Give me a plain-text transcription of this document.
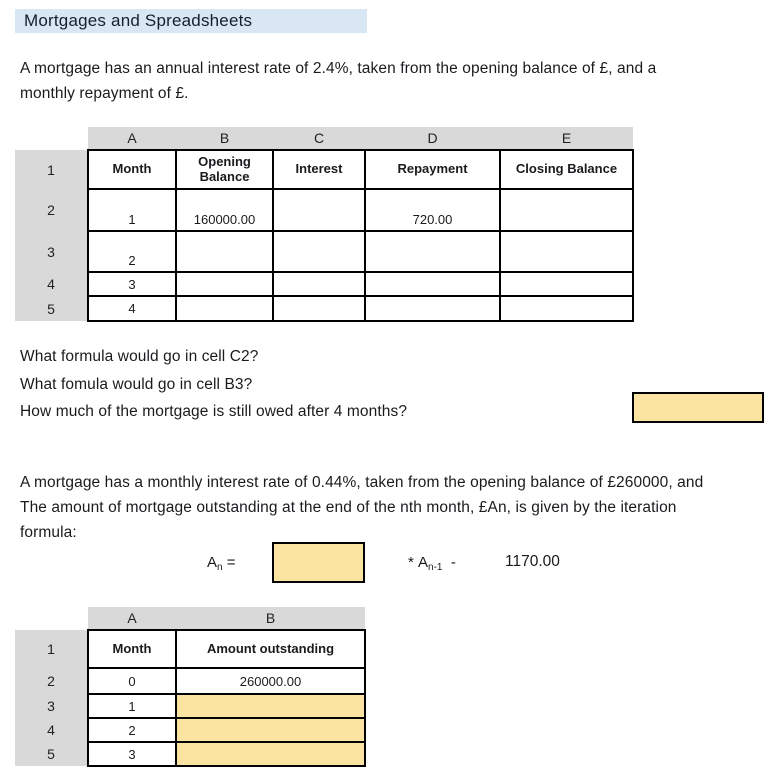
Mortgages and Spreadsheets
A mortgage has an annual interest rate of 2.4%, taken from the opening balance of £, and a
monthly repayment of £.
	A	B	C	D	E
1	Month	Opening Balance	Interest	Repayment	Closing Balance
2	1	160000.00		720.00	
3	2				
4	3				
5	4				
What formula would go in cell C2?
What fomula would go in cell B3?
How much of the mortgage is still owed after 4 months?
A mortgage has a monthly interest rate of 0.44%, taken from the opening balance of £260000, and
The amount of mortgage outstanding at the end of the nth month, £An, is given by the iteration
formula:
$A_n$ =	* $A_{n-1}$ -	1170.00
	A	B
1	Month	Amount outstanding
2	0	260000.00
3	1	
4	2	
5	3	
